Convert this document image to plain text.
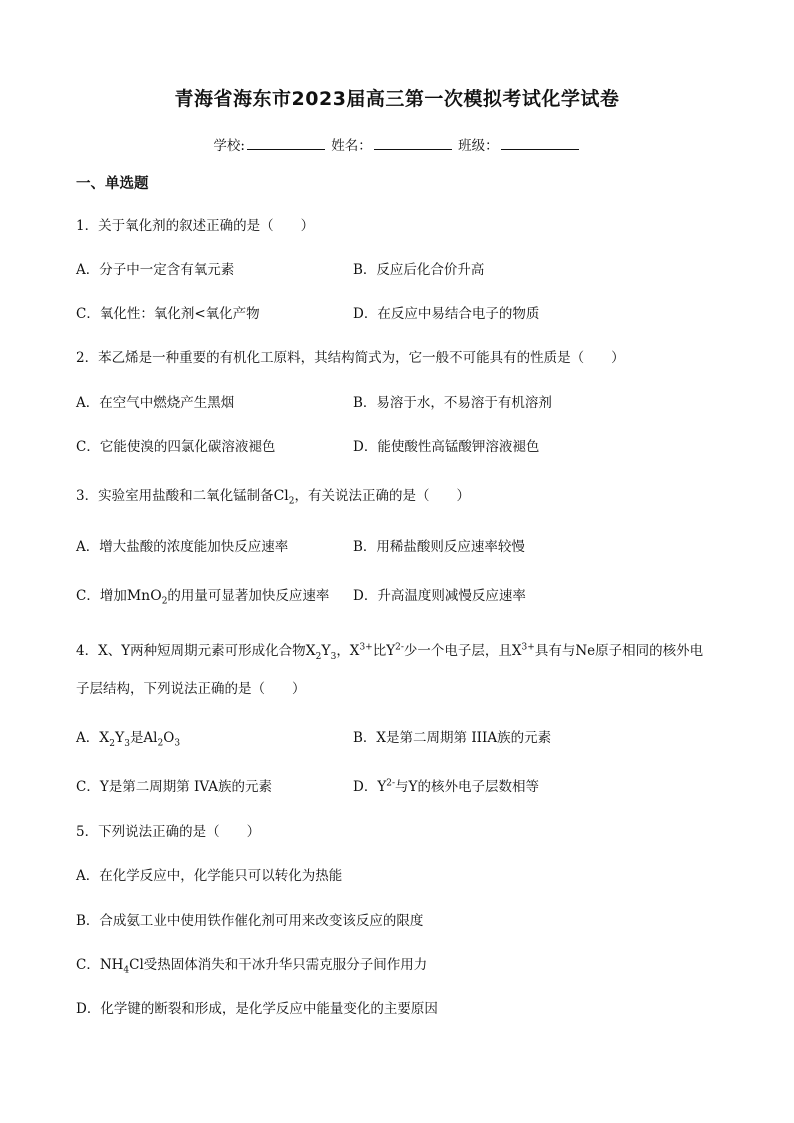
青海省海东市2023届高三第一次模拟考试化学试卷
学校:	姓名：	班级：
一、单选题
1．关于氧化剂的叙述正确的是（　　）
A．分子中一定含有氧元素	B．反应后化合价升高
C．氧化性：氧化剂<氧化产物	D．在反应中易结合电子的物质
2．苯乙烯是一种重要的有机化工原料，其结构简式为，它一般不可能具有的性质是（　　）
A．在空气中燃烧产生黑烟	B．易溶于水，不易溶于有机溶剂
C．它能使溴的四氯化碳溶液褪色	D．能使酸性高锰酸钾溶液褪色
3．实验室用盐酸和二氧化锰制备$Cl_2$，有关说法正确的是（　　）
A．增大盐酸的浓度能加快反应速率	B．用稀盐酸则反应速率较慢
C．增加MnO$_2$的用量可显著加快反应速率 D．升高温度则减慢反应速率
4．X、Y两种短周期元素可形成化合物$X_2Y_3$，$X^{3+}$比$Y^{2-}$少一个电子层，且$X^{3+}$具有与Ne原子相同的核外电
子层结构，下列说法正确的是（　　）
A．$X_2Y_3$是$Al_2O_3$	B．X是第二周期第 IIIA族的元素
C．Y是第二周期第 IVA族的元素	D．$Y^{2-}$与Y的核外电子层数相等
5．下列说法正确的是（　　）
A．在化学反应中，化学能只可以转化为热能
B．合成氨工业中使用铁作催化剂可用来改变该反应的限度
C．$NH_4Cl$受热固体消失和干冰升华只需克服分子间作用力
D．化学键的断裂和形成，是化学反应中能量变化的主要原因
